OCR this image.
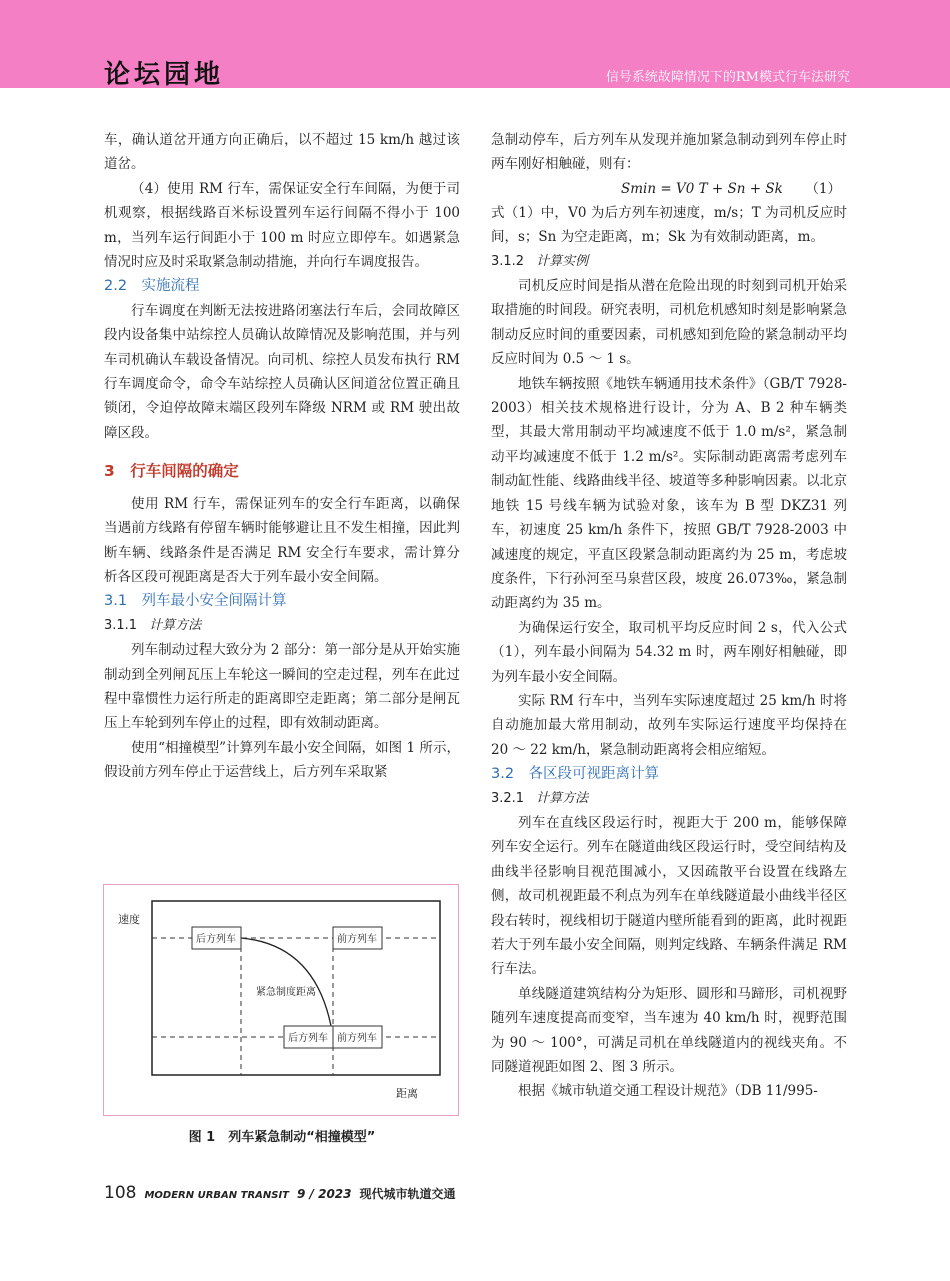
论坛园地	信号系统故障情况下的RM模式行车法研究

车，确认道岔开通方向正确后，以不超过 15 km/h 越过该道岔。

（4）使用 RM 行车，需保证安全行车间隔，为便于司机观察，根据线路百米标设置列车运行间隔不得小于 100 m，当列车运行间距小于 100 m 时应立即停车。如遇紧急情况时应及时采取紧急制动措施，并向行车调度报告。

2.2　实施流程

行车调度在判断无法按进路闭塞法行车后，会同故障区段内设备集中站综控人员确认故障情况及影响范围，并与列车司机确认车载设备情况。向司机、综控人员发布执行 RM 行车调度命令，命令车站综控人员确认区间道岔位置正确且锁闭，令迫停故障末端区段列车降级 NRM 或 RM 驶出故障区段。

3　行车间隔的确定

使用 RM 行车，需保证列车的安全行车距离，以确保当遇前方线路有停留车辆时能够避让且不发生相撞，因此判断车辆、线路条件是否满足 RM 安全行车要求，需计算分析各区段可视距离是否大于列车最小安全间隔。

3.1　列车最小安全间隔计算

3.1.1 计算方法

列车制动过程大致分为 2 部分：第一部分是从开始实施制动到全列闸瓦压上车轮这一瞬间的空走过程，列车在此过程中靠惯性力运行所走的距离即空走距离；第二部分是闸瓦压上车轮到列车停止的过程，即有效制动距离。

使用“相撞模型”计算列车最小安全间隔，如图 1 所示，假设前方列车停止于运营线上，后方列车采取紧

速度
距离
后方列车	前方列车
紧急制度距离
后方列车 前方列车
图 1　列车紧急制动“相撞模型”

急制动停车，后方列车从发现并施加紧急制动到列车停止时两车刚好相触碰，则有：

Smin = V0 T + Sn + Sk （1）

式（1）中，V0 为后方列车初速度，m/s；T 为司机反应时间，s；Sn 为空走距离，m；Sk 为有效制动距离，m。

3.1.2 计算实例

司机反应时间是指从潜在危险出现的时刻到司机开始采取措施的时间段。研究表明，司机危机感知时刻是影响紧急制动反应时间的重要因素，司机感知到危险的紧急制动平均反应时间为 0.5 ～ 1 s。

地铁车辆按照《地铁车辆通用技术条件》（GB/T 7928-2003）相关技术规格进行设计，分为 A、B 2 种车辆类型，其最大常用制动平均减速度不低于 1.0 m/s²，紧急制动平均减速度不低于 1.2 m/s²。实际制动距离需考虑列车制动缸性能、线路曲线半径、坡道等多种影响因素。以北京地铁 15 号线车辆为试验对象，该车为 B 型 DKZ31 列车，初速度 25 km/h 条件下，按照 GB/T 7928-2003 中减速度的规定，平直区段紧急制动距离约为 25 m，考虑坡度条件，下行孙河至马泉营区段，坡度 26.073‰，紧急制动距离约为 35 m。

为确保运行安全，取司机平均反应时间 2 s，代入公式（1），列车最小间隔为 54.32 m 时，两车刚好相触碰，即为列车最小安全间隔。

实际 RM 行车中，当列车实际速度超过 25 km/h 时将自动施加最大常用制动，故列车实际运行速度平均保持在 20 ～ 22 km/h，紧急制动距离将会相应缩短。

3.2　各区段可视距离计算

3.2.1 计算方法

列车在直线区段运行时，视距大于 200 m，能够保障列车安全运行。列车在隧道曲线区段运行时，受空间结构及曲线半径影响目视范围减小，又因疏散平台设置在线路左侧，故司机视距最不利点为列车在单线隧道最小曲线半径区段右转时，视线相切于隧道内壁所能看到的距离，此时视距若大于列车最小安全间隔，则判定线路、车辆条件满足 RM 行车法。

单线隧道建筑结构分为矩形、圆形和马蹄形，司机视野随列车速度提高而变窄，当车速为 40 km/h 时，视野范围为 90 ～ 100°，可满足司机在单线隧道内的视线夹角。不同隧道视距如图 2、图 3 所示。

根据《城市轨道交通工程设计规范》（DB 11/995-

108 MODERN URBAN TRANSIT 9 / 2023 现代城市轨道交通
